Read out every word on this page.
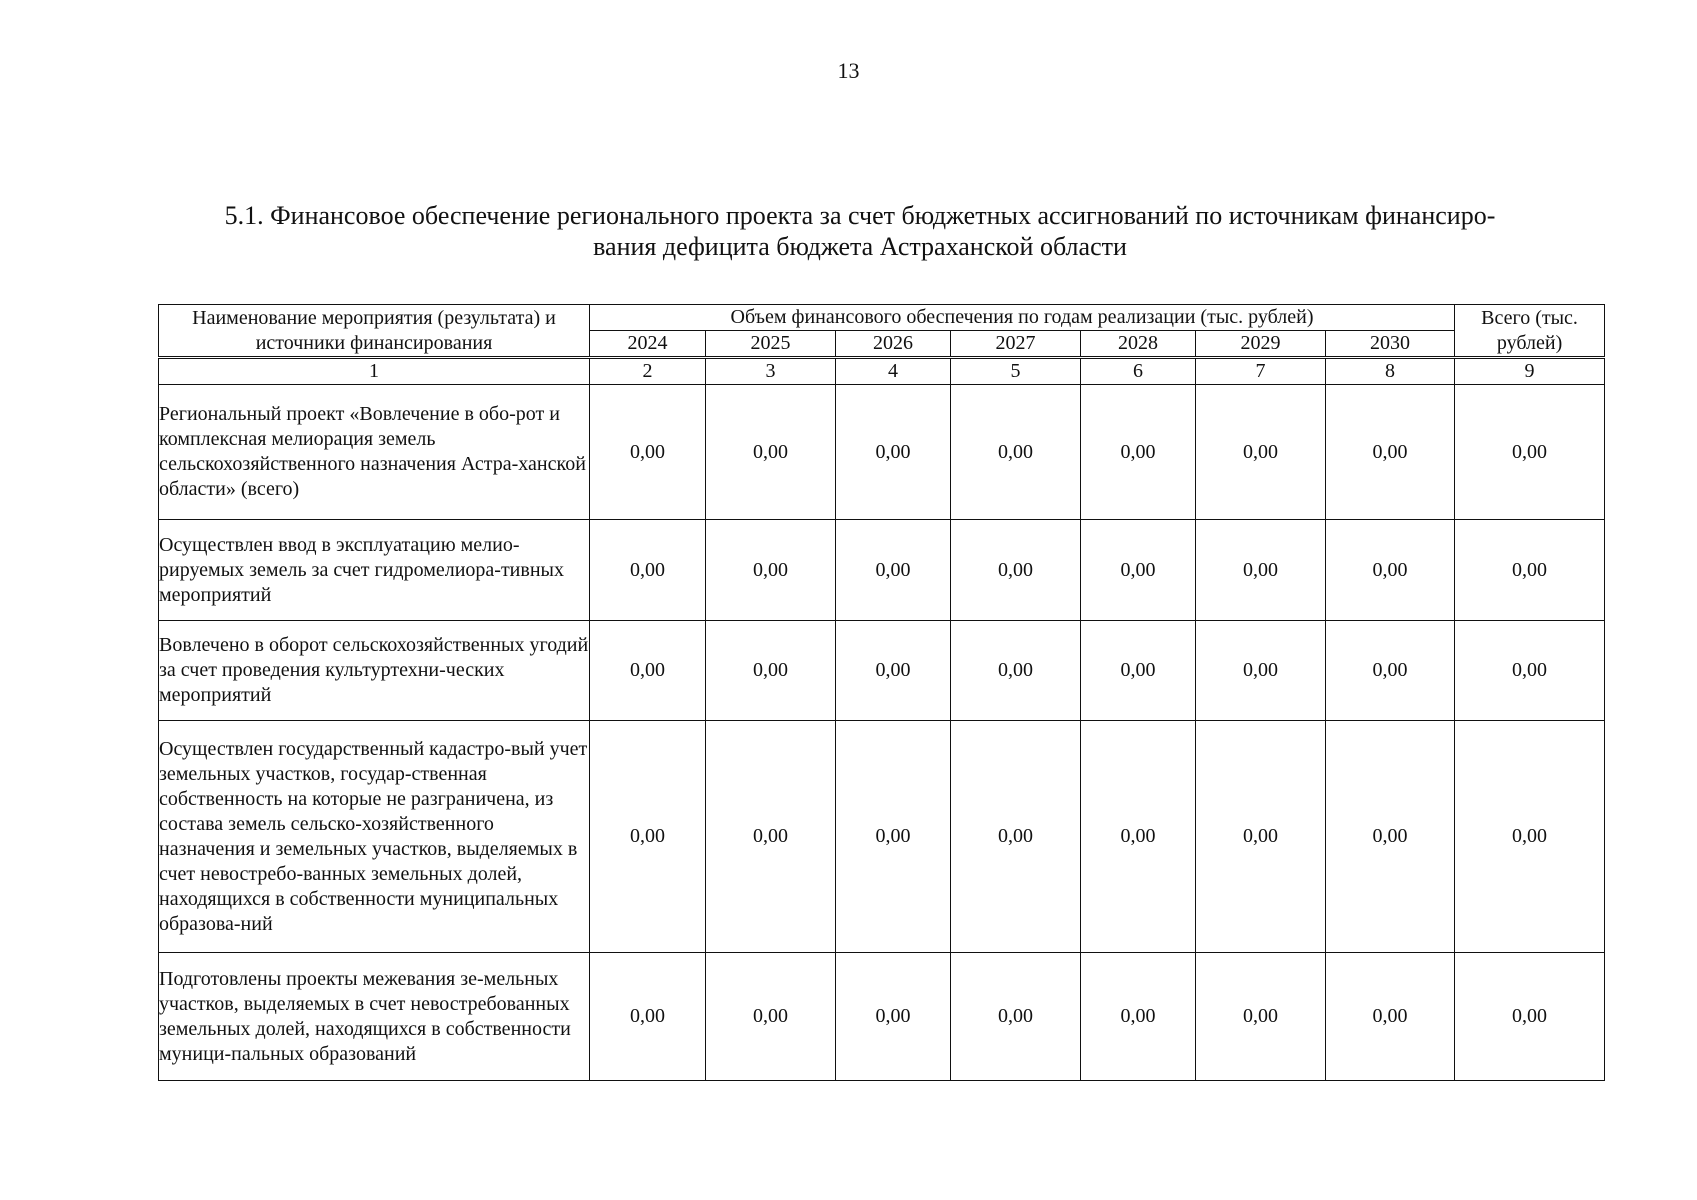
13
5.1. Финансовое обеспечение регионального проекта за счет бюджетных ассигнований по источникам финансиро-
вания дефицита бюджета Астраханской области
Наименование мероприятия (результата) и источники финансирования	Объем финансового обеспечения по годам реализации (тыс. рублей)							Всего (тыс. рублей)
	2024	2025	2026	2027	2028	2029	2030	
1	2	3	4	5	6	7	8	9
Региональный проект «Вовлечение в обо-​рот и комплексная мелиорация земель сельскохозяйственного назначения Астра-​ханской области» (всего)	0,00	0,00	0,00	0,00	0,00	0,00	0,00	0,00
Осуществлен ввод в эксплуатацию мелио-​рируемых земель за счет гидромелиора-​тивных мероприятий	0,00	0,00	0,00	0,00	0,00	0,00	0,00	0,00
Вовлечено в оборот сельскохозяйственных угодий за счет проведения культуртехни-​ческих мероприятий	0,00	0,00	0,00	0,00	0,00	0,00	0,00	0,00
Осуществлен государственный кадастро-​вый учет земельных участков, государ-​ственная собственность на которые не разграничена, из состава земель сельско-​хозяйственного назначения и земельных участков, выделяемых в счет невостребо-​ванных земельных долей, находящихся в собственности муниципальных образова-​ний	0,00	0,00	0,00	0,00	0,00	0,00	0,00	0,00
Подготовлены проекты межевания зе-​мельных участков, выделяемых в счет невостребованных земельных долей, находящихся в собственности муници-​пальных образований	0,00	0,00	0,00	0,00	0,00	0,00	0,00	0,00
